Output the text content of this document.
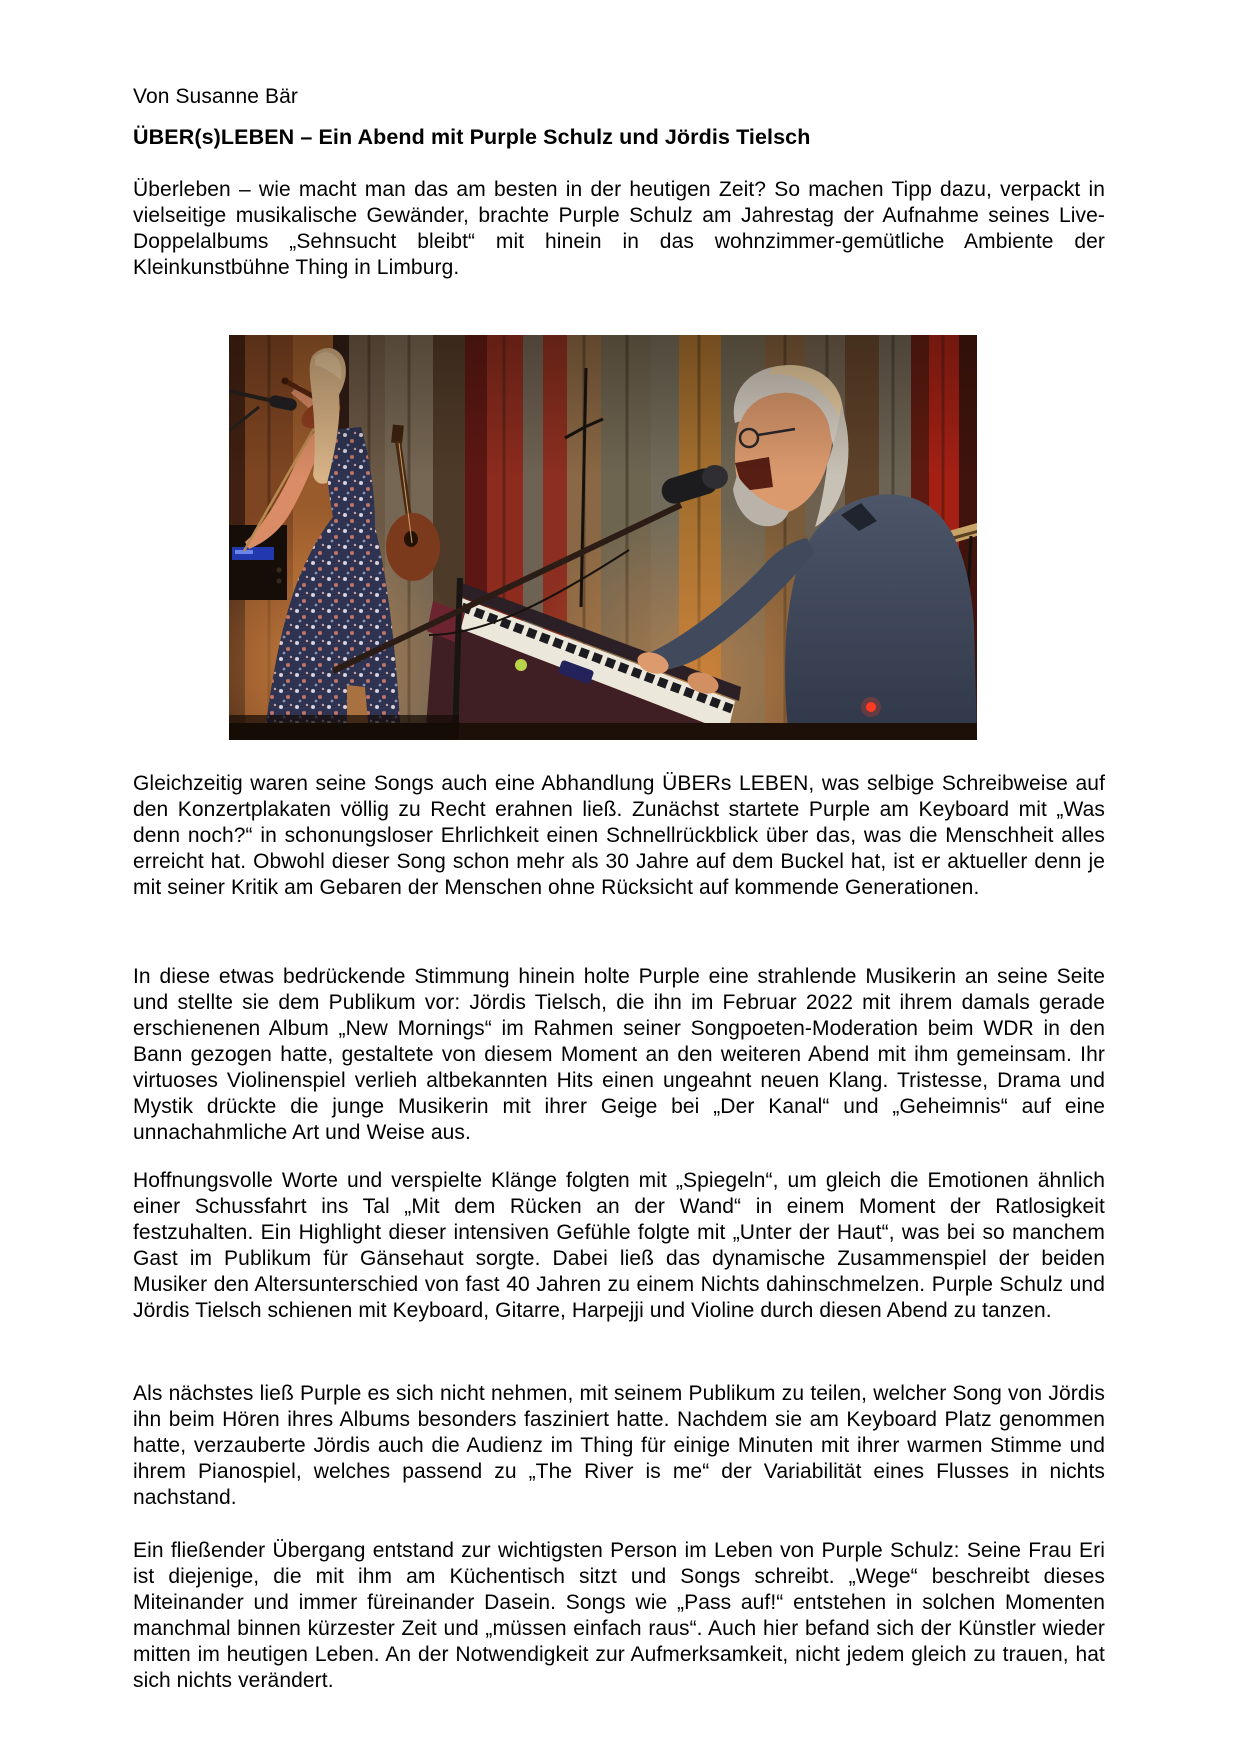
Von Susanne Bär

ÜBER(s)LEBEN – Ein Abend mit Purple Schulz und Jördis Tielsch

Überleben – wie macht man das am besten in der heutigen Zeit? So machen Tipp dazu, verpackt in vielseitige musikalische Gewänder, brachte Purple Schulz am Jahrestag der Aufnahme seines Live-Doppelalbums „Sehnsucht bleibt“ mit hinein in das wohnzimmer-gemütliche Ambiente der Kleinkunstbühne Thing in Limburg.

Gleichzeitig waren seine Songs auch eine Abhandlung ÜBERs LEBEN, was selbige Schreibweise auf den Konzertplakaten völlig zu Recht erahnen ließ. Zunächst startete Purple am Keyboard mit „Was denn noch?“ in schonungsloser Ehrlichkeit einen Schnellrückblick über das, was die Menschheit alles erreicht hat. Obwohl dieser Song schon mehr als 30 Jahre auf dem Buckel hat, ist er aktueller denn je mit seiner Kritik am Gebaren der Menschen ohne Rücksicht auf kommende Generationen.

In diese etwas bedrückende Stimmung hinein holte Purple eine strahlende Musikerin an seine Seite und stellte sie dem Publikum vor: Jördis Tielsch, die ihn im Februar 2022 mit ihrem damals gerade erschienenen Album „New Mornings“ im Rahmen seiner Songpoeten-Moderation beim WDR in den Bann gezogen hatte, gestaltete von diesem Moment an den weiteren Abend mit ihm gemeinsam. Ihr virtuoses Violinenspiel verlieh altbekannten Hits einen ungeahnt neuen Klang. Tristesse, Drama und Mystik drückte die junge Musikerin mit ihrer Geige bei „Der Kanal“ und „Geheimnis“ auf eine unnachahmliche Art und Weise aus.

Hoffnungsvolle Worte und verspielte Klänge folgten mit „Spiegeln“, um gleich die Emotionen ähnlich einer Schussfahrt ins Tal „Mit dem Rücken an der Wand“ in einem Moment der Ratlosigkeit festzuhalten. Ein Highlight dieser intensiven Gefühle folgte mit „Unter der Haut“, was bei so manchem Gast im Publikum für Gänsehaut sorgte. Dabei ließ das dynamische Zusammenspiel der beiden Musiker den Altersunterschied von fast 40 Jahren zu einem Nichts dahinschmelzen. Purple Schulz und Jördis Tielsch schienen mit Keyboard, Gitarre, Harpejji und Violine durch diesen Abend zu tanzen.

Als nächstes ließ Purple es sich nicht nehmen, mit seinem Publikum zu teilen, welcher Song von Jördis ihn beim Hören ihres Albums besonders fasziniert hatte. Nachdem sie am Keyboard Platz genommen hatte, verzauberte Jördis auch die Audienz im Thing für einige Minuten mit ihrer warmen Stimme und ihrem Pianospiel, welches passend zu „The River is me“ der Variabilität eines Flusses in nichts nachstand.

Ein fließender Übergang entstand zur wichtigsten Person im Leben von Purple Schulz: Seine Frau Eri ist diejenige, die mit ihm am Küchentisch sitzt und Songs schreibt. „Wege“ beschreibt dieses Miteinander und immer füreinander Dasein. Songs wie „Pass auf!“ entstehen in solchen Momenten manchmal binnen kürzester Zeit und „müssen einfach raus“. Auch hier befand sich der Künstler wieder mitten im heutigen Leben. An der Notwendigkeit zur Aufmerksamkeit, nicht jedem gleich zu trauen, hat sich nichts verändert.
